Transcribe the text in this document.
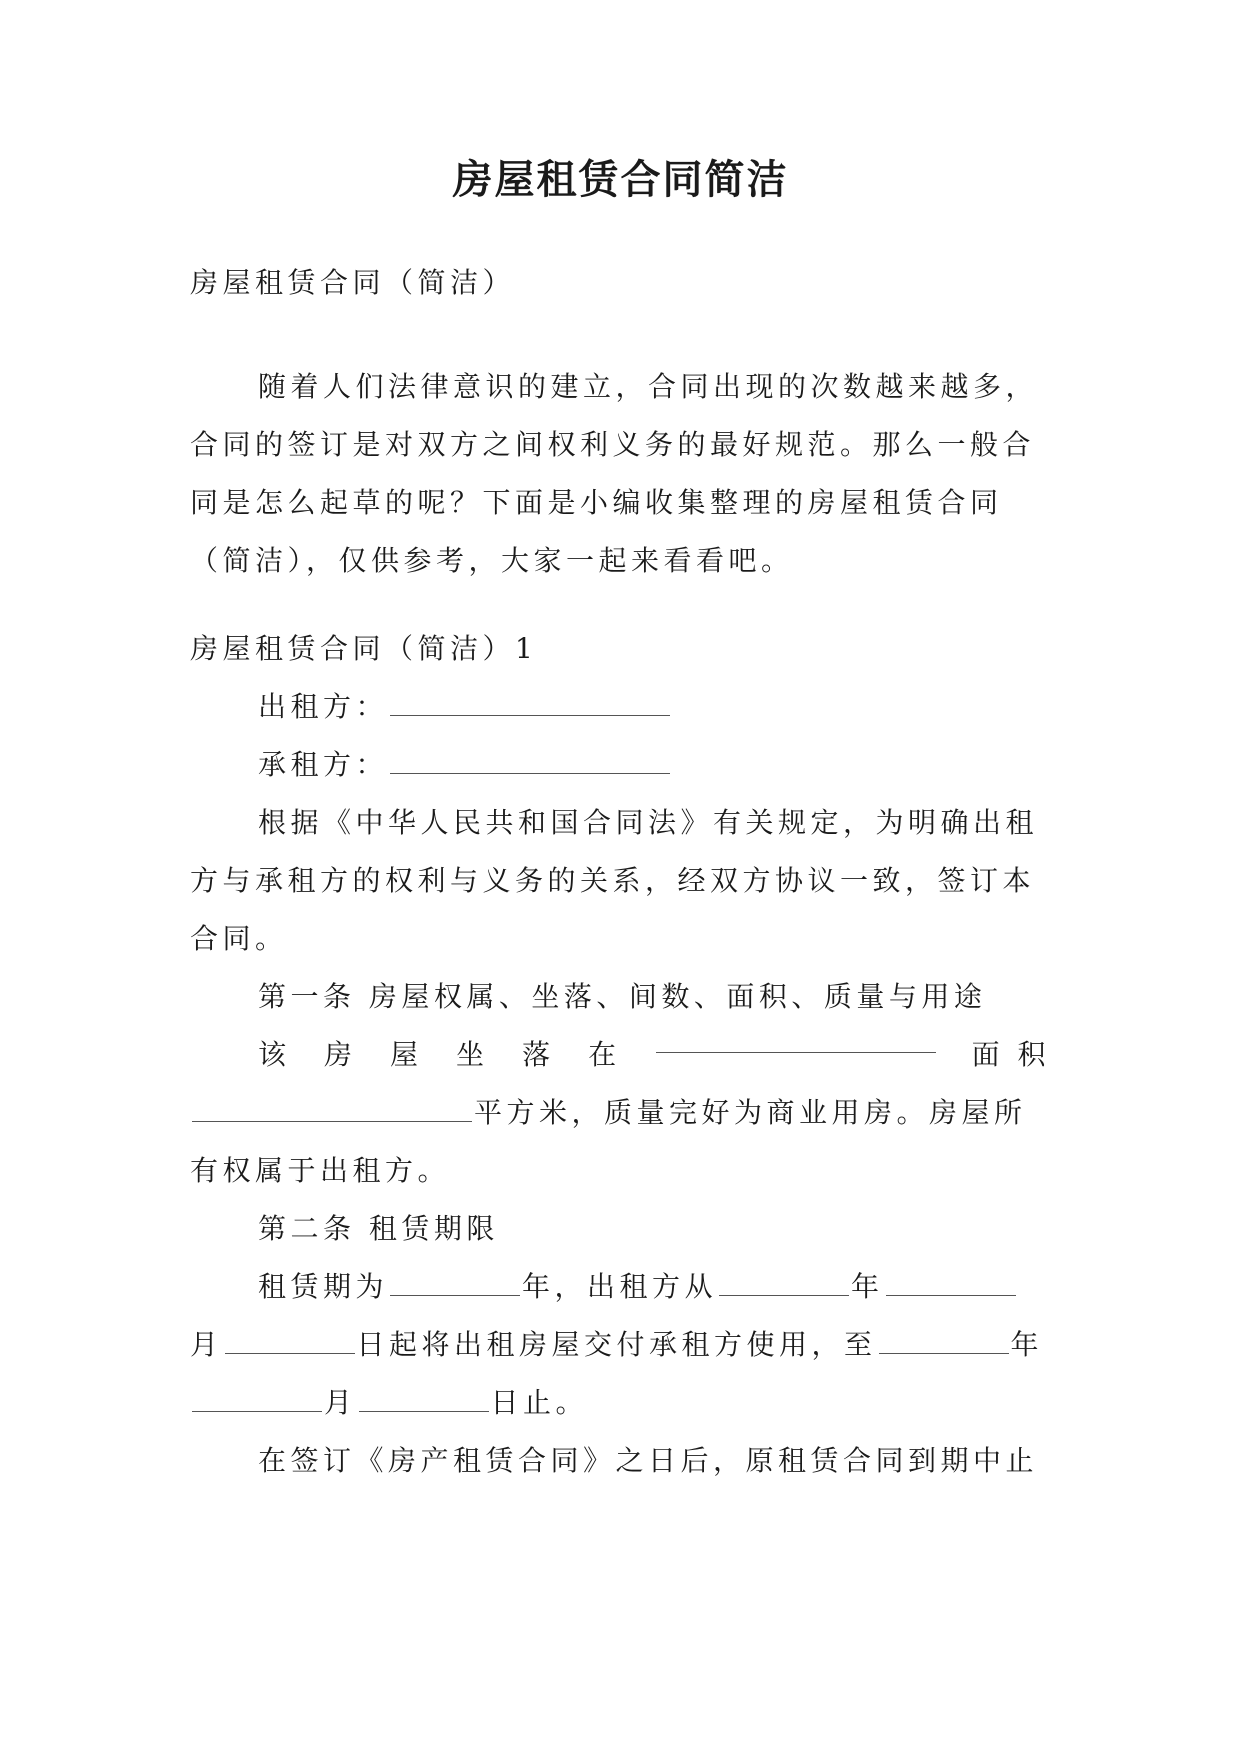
房屋租赁合同简洁

房屋租赁合同（简洁）

随着人们法律意识的建立，合同出现的次数越来越多，合同的签订是对双方之间权利义务的最好规范。那么一般合同是怎么起草的呢？下面是小编收集整理的房屋租赁合同（简洁），仅供参考，大家一起来看看吧。

房屋租赁合同（简洁）1

出租方：

承租方：

根据《中华人民共和国合同法》有关规定，为明确出租方与承租方的权利与义务的关系，经双方协议一致，签订本合同。

第一条 房屋权属、坐落、间数、面积、质量与用途

该 房 屋 坐 落 在	面 积

平方米，质量完好为商业用房。房屋所有权属于出租方。

第二条 租赁期限

租赁期为	年，出租方从	年月	日起将出租房屋交付承租方使用，至	年月	日止。

在签订《房产租赁合同》之日后，原租赁合同到期中止
